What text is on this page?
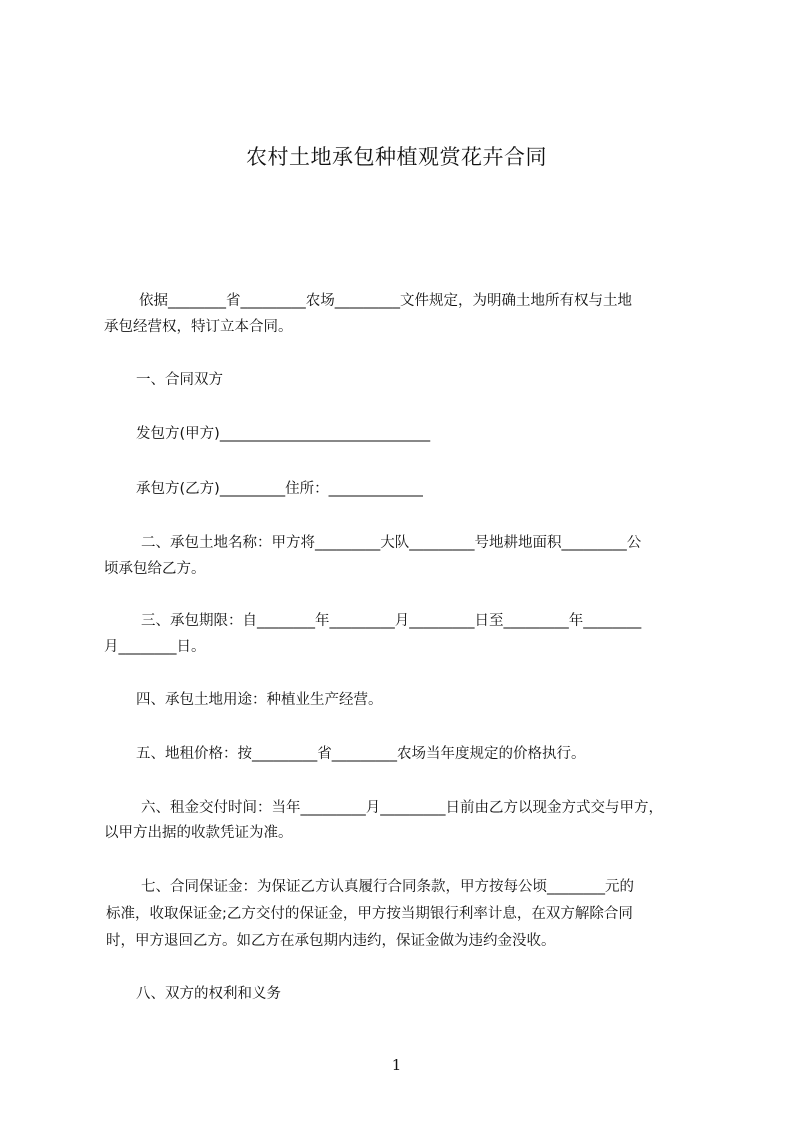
农村土地承包种植观赏花卉合同
依据________省_________农场_________文件规定，为明确土地所有权与土地
承包经营权，特订立本合同。
一、合同双方
发包方(甲方)_____________________________
承包方(乙方)_________住所：_____________
二、承包土地名称：甲方将_________大队_________号地耕地面积_________公
顷承包给乙方。
三、承包期限：自________年_________月_________日至_________年________
月________日。
四、承包土地用途：种植业生产经营。
五、地租价格：按_________省_________农场当年度规定的价格执行。
六、租金交付时间：当年_________月_________日前由乙方以现金方式交与甲方，
以甲方出据的收款凭证为准。
七、合同保证金：为保证乙方认真履行合同条款，甲方按每公顷________元的
标准，收取保证金;乙方交付的保证金，甲方按当期银行利率计息，在双方解除合同
时，甲方退回乙方。如乙方在承包期内违约，保证金做为违约金没收。
八、双方的权利和义务
1
